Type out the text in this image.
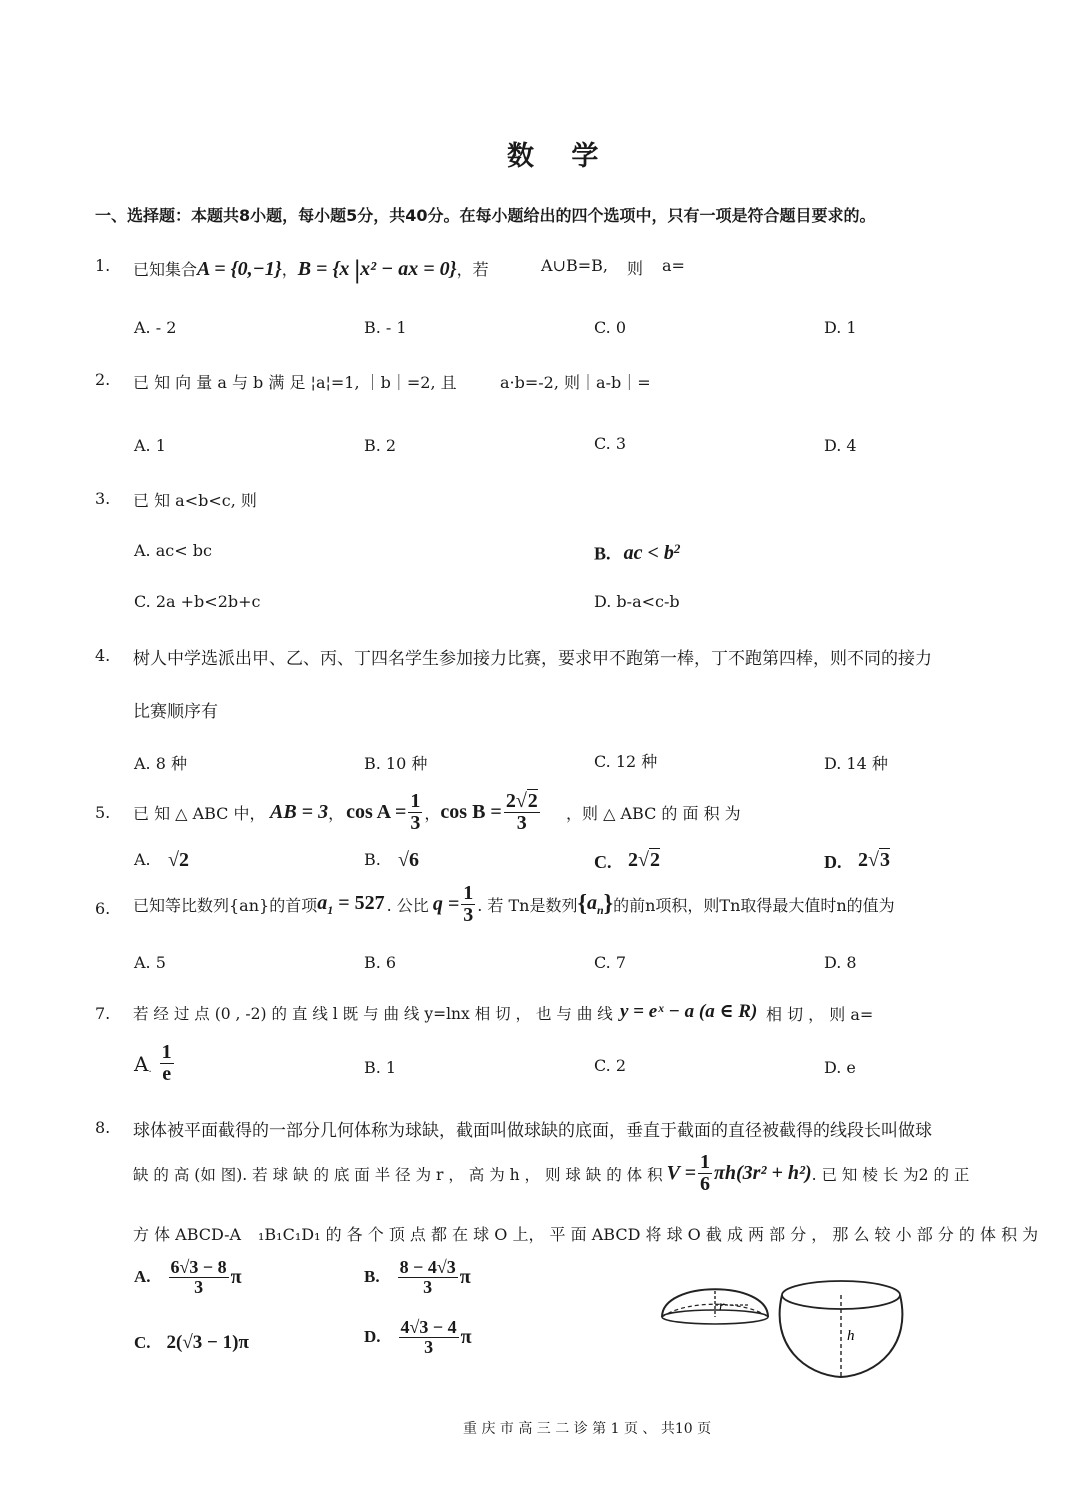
数 学
一、选择题：本题共8小题，每小题5分，共40分。在每小题给出的四个选项中，只有一项是符合题目要求的。
1. 已知集合A = {0,−1}，B = {x |x² − ax = 0}，若	A∪B=B, 则 a=
A. - 2	B. - 1	C. 0	D. 1
2. 已 知 向 量 a 与 b 满 足 ¦a¦=1, ｜b｜=2, 且	a·b=-2, 则｜a-b｜=
A. 1	B. 2	C. 3	D. 4
3. 已 知 a<b<c, 则
A. ac< bc	B. ac < $b^2$
C. 2a +b<2b+c	D. b-a<c-b
4. 树人中学选派出甲、乙、丙、丁四名学生参加接力比赛，要求甲不跑第一棒，丁不跑第四棒，则不同的接力
比赛顺序有
A. 8 种	B. 10 种	C. 12 种	D. 14 种
5. 已 知 △ ABC 中， AB = 3 ， $\cos A = \frac{1}{3}$ ， $\cos B = \frac{2√2}{3}$ ，则 △ ABC 的 面 积 为
A. √2	B. √6	C. 2√2	D. 2√3
6. 已知等比数列{an}的首项 $a_1 = 527$ . 公比 $q = \frac{1}{3}$ . 若 Tn是数列 { $a_n$ } 的前n项积，则Tn取得最大值时n的值为
A. 5	B. 6	C. 7	D. 8
7. 若 经 过 点 (0 , -2) 的 直 线 l 既 与 曲 线 y=lnx 相 切 ， 也 与 曲 线 y = eˣ − a (a ∈ R) 相 切 ， 则 a=
A . $\frac{1}{e}$	B. 1	C. 2	D. e
8. 球体被平面截得的一部分几何体称为球缺，截面叫做球缺的底面，垂直于截面的直径被截得的线段长叫做球
缺 的 高 (如 图). 若 球 缺 的 底 面 半 径 为 r ， 高 为 h ， 则 球 缺 的 体 积 $V = \frac{1}{6} \pi h(3r^2 + h^2)$ . 已 知 棱 长 为2 的 正
方 体 ABCD-A ₁B₁C₁D₁ 的 各 个 顶 点 都 在 球 O 上， 平 面 ABCD 将 球 O 截 成 两 部 分 ， 那 么 较 小 部 分 的 体 积 为
A. $\frac{6√3 - 8}{3}$ π	B. $\frac{8 - 4√3}{3}$ π
C. 2(√3 − 1)π	D. $\frac{4√3 - 4}{3}$ π
r
h
重 庆 市 高 三 二 诊 第 1 页 、 共10 页
